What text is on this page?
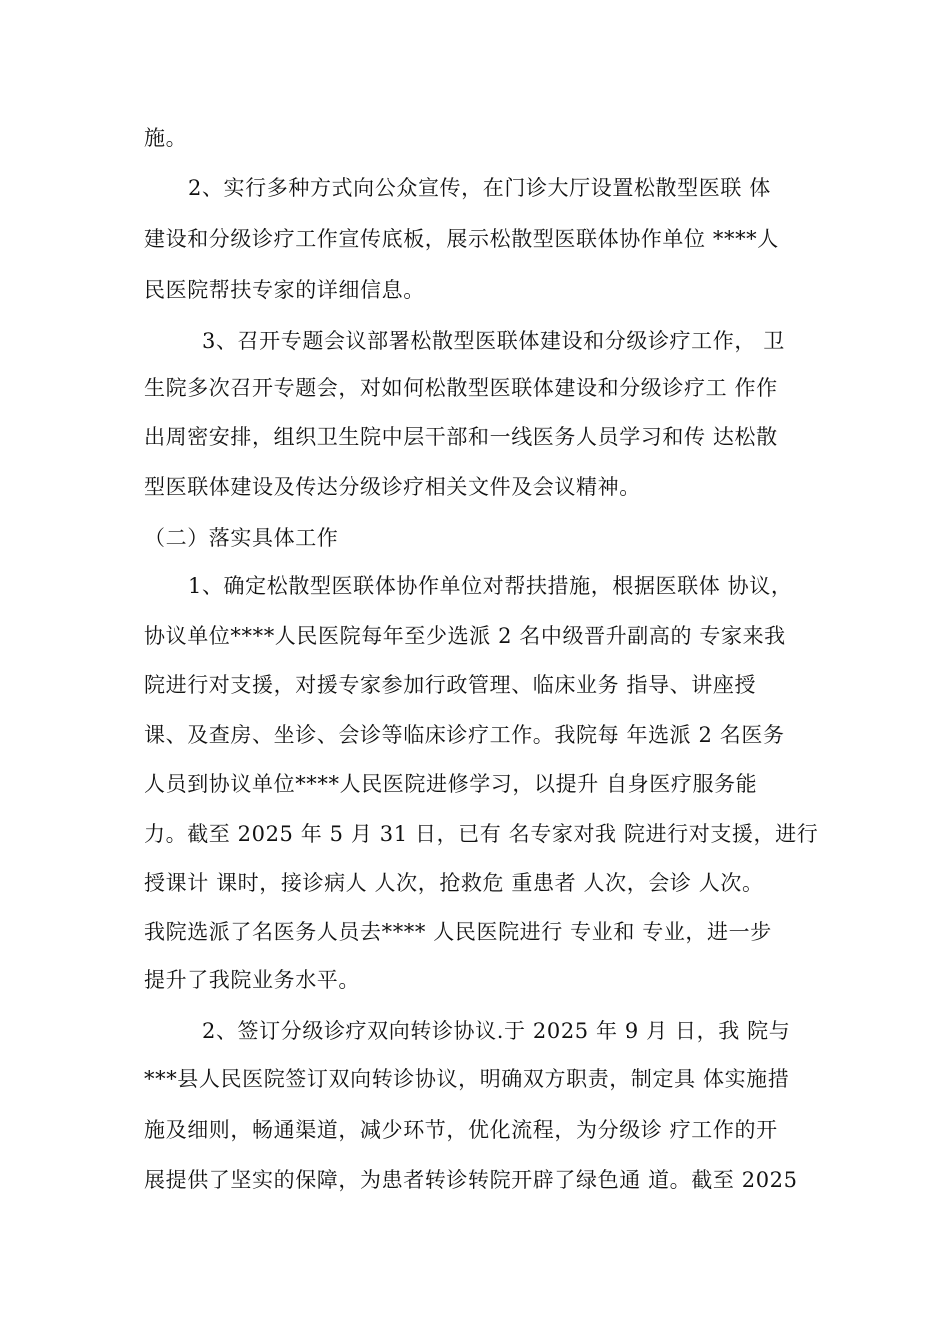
施。
2、实行多种方式向公众宣传，在门诊大厅设置松散型医联 体
建设和分级诊疗工作宣传底板，展示松散型医联体协作单位 ****人
民医院帮扶专家的详细信息。
3、召开专题会议部署松散型医联体建设和分级诊疗工作， 卫
生院多次召开专题会，对如何松散型医联体建设和分级诊疗工 作作
出周密安排，组织卫生院中层干部和一线医务人员学习和传 达松散
型医联体建设及传达分级诊疗相关文件及会议精神。
（二）落实具体工作
1、确定松散型医联体协作单位对帮扶措施，根据医联体 协议，
协议单位****人民医院每年至少选派 2 名中级晋升副高的 专家来我
院进行对支援，对援专家参加行政管理、临床业务 指导、讲座授
课、及查房、坐诊、会诊等临床诊疗工作。我院每 年选派 2 名医务
人员到协议单位****人民医院进修学习，以提升 自身医疗服务能
力。截至 2025 年 5 月 31 日，已有 名专家对我 院进行对支援，进行
授课计 课时，接诊病人 人次，抢救危 重患者 人次，会诊 人次。
我院选派了名医务人员去**** 人民医院进行 专业和 专业，进一步
提升了我院业务水平。
2、签订分级诊疗双向转诊协议.于 2025 年 9 月 日，我 院与
***县人民医院签订双向转诊协议，明确双方职责，制定具 体实施措
施及细则，畅通渠道，减少环节，优化流程，为分级诊 疗工作的开
展提供了坚实的保障，为患者转诊转院开辟了绿色通 道。截至 2025
